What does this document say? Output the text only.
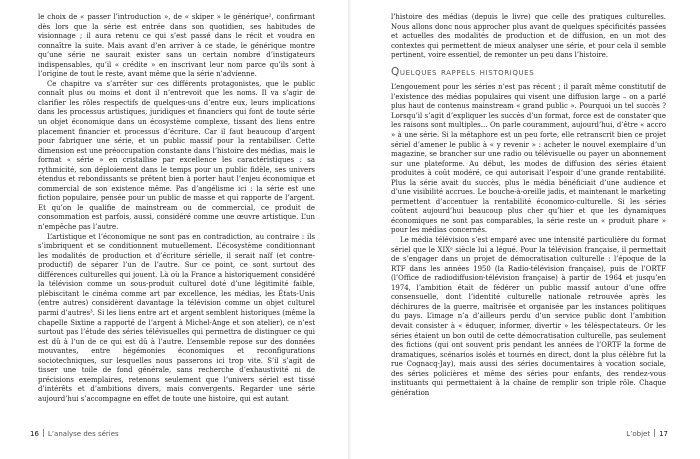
le choix de « passer l’introduction », de « skiper » le générique², confirmant dès lors que la série est entrée dans son quotidien, ses habitudes de visionnage ; il aura retenu ce qui s’est passé dans le récit et voudra en connaître la suite. Mais avant d’en arriver à ce stade, le générique montre qu’une série ne saurait exister sans un certain nombre d’instigateurs indispensables, qu’il « crédite » en inscrivant leur nom parce qu’ils sont à l’origine de tout le reste, avant même que la série n’advienne.

Ce chapitre va s’arrêter sur ces différents protagonistes, que le public connaît plus ou moins et dont il n’entrevoit que les noms. Il va s’agir de clarifier les rôles respectifs de quelques-uns d’entre eux, leurs implications dans les processus artistiques, juridiques et financiers qui font de toute série un objet économique dans un écosystème complexe, tissant des liens entre placement financier et processus d’écriture. Car il faut beaucoup d’argent pour fabriquer une série, et un public massif pour la rentabiliser. Cette dimension est une préoccupation constante dans l’histoire des médias, mais le format « série » en cristallise par excellence les caractéristiques : sa rythmicité, son déploiement dans le temps pour un public fidèle, ses univers étendus et rebondissants se prêtent bien à porter haut l’enjeu économique et commercial de son existence même. Pas d’angélisme ici : la série est une fiction populaire, pensée pour un public de masse et qui rapporte de l’argent. Et qu’on le qualifie de mainstream ou de commercial, ce produit de consommation est parfois, aussi, considéré comme une œuvre artistique. L’un n’empêche pas l’autre.

L’artistique et l’économique ne sont pas en contradiction, au contraire : ils s’imbriquent et se conditionnent mutuellement. L’écosystème conditionnant les modalités de production et d’écriture sérielle, il serait naïf (et contre-productif) de séparer l’un de l’autre. Sur ce point, ce sont surtout des différences culturelles qui jouent. Là où la France a historiquement considéré la télévision comme un sous-produit culturel doté d’une légitimité faible, plébiscitant le cinéma comme art par excellence, les médias, les États-Unis (entre autres) considèrent davantage la télévision comme un objet culturel parmi d’autres³. Si les liens entre art et argent semblent historiques (même la chapelle Sixtine a rapporté de l’argent à Michel-Ange et son atelier), ce n’est surtout pas l’étude des séries télévisuelles qui permettra de distinguer ce qui est dû à l’un de ce qui est dû à l’autre. L’ensemble repose sur des données mouvantes, entre hégémonies économiques et reconfigurations sociotechniques, sur lesquelles nous passerons ici trop vite. S’il s’agit de tisser une toile de fond générale, sans recherche d’exhaustivité ni de précisions exemplaires, retenons seulement que l’univers sériel est tissé d’intérêts et d’ambitions divers, mais convergents. Regarder une série aujourd’hui s’accompagne en effet de toute une histoire, qui est autant

16 L’analyse des séries

l’histoire des médias (depuis le livre) que celle des pratiques culturelles. Nous allons donc nous approcher plus avant de quelques spécificités passées et actuelles des modalités de production et de diffusion, en un mot des contextes qui permettent de mieux analyser une série, et pour cela il semble pertinent, voire essentiel, de remonter un peu dans l’histoire.

Quelques rappels historiques

L’engouement pour les séries n’est pas récent ; il paraît même constitutif de l’existence des médias populaires qui visent une diffusion large – on a parlé plus haut de contenus mainstream « grand public ». Pourquoi un tel succès ? Lorsqu’il s’agit d’expliquer les succès d’un format, force est de constater que les raisons sont multiples… On parle couramment, aujourd’hui, d’être « accro » à une série. Si la métaphore est un peu forte, elle retranscrit bien ce projet sériel d’amener le public à « y revenir » : acheter le nouvel exemplaire d’un magazine, se brancher sur une radio ou télévisuelle ou payer un abonnement sur une plateforme. Au début, les modes de diffusion des séries étaient produites à coût modéré, ce qui autorisait l’espoir d’une grande rentabilité. Plus la série avait du succès, plus le média bénéficiait d’une audience et d’une visibilité accrues. Le bouche-à-oreille jadis, et maintenant le marketing permettent d’accentuer la rentabilité économico-culturelle. Si les séries coûtent aujourd’hui beaucoup plus cher qu’hier et que les dynamiques économiques ne sont pas comparables, la série reste un « produit phare » pour les médias concernés.

Le média télévision s’est emparé avec une intensité particulière du format sériel que le XIXᵉ siècle lui a légué. Pour la télévision française, il permettait de s’engager dans un projet de démocratisation culturelle : l’époque de la RTF dans les années 1950 (la Radio-télévision française), puis de l’ORTF (l’Office de radiodiffusion-télévision française) à partir de 1964 et jusqu’en 1974, l’ambition était de fédérer un public massif autour d’une offre consensuelle, dont l’identité culturelle nationale retrouvée après les déchirures de la guerre, maîtrisée et organisée par les instances politiques du pays. L’image n’a d’ailleurs perdu d’un service public dont l’ambition devait consister à « éduquer, informer, divertir » les téléspectateurs. Or les séries étaient un bon outil de cette démocratisation culturelle, pas seulement des fictions (qui ont souvent pris pendant les années de l’ORTF la forme de dramatiques, scénarios isolés et tournés en direct, dont la plus célèbre fut la rue Cognacq-Jay), mais aussi des séries documentaires à vocation sociale, des séries policières et même des séries pour enfants, des rendez-vous instituants qui permettaient à la chaîne de remplir son triple rôle. Chaque génération

L’objet 17
